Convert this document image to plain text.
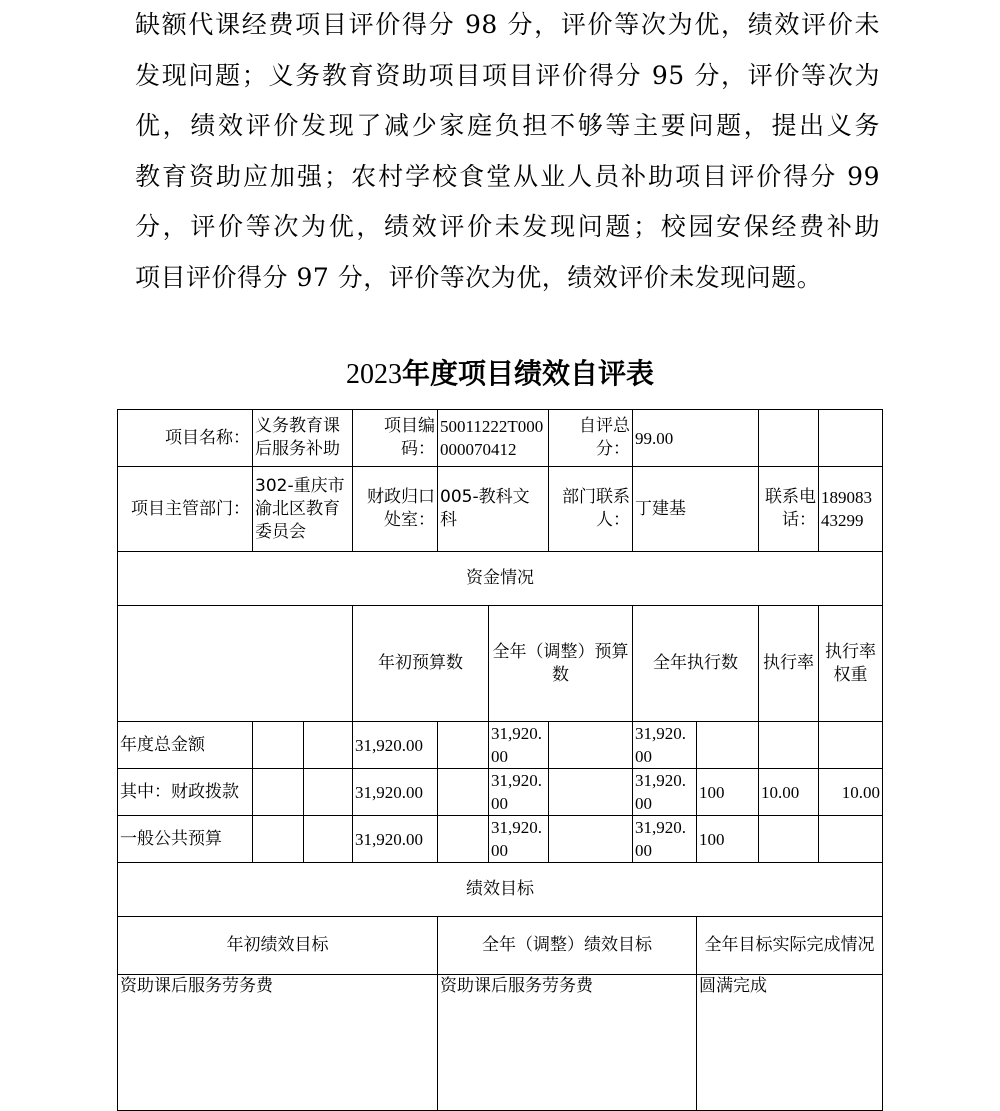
缺额代课经费项目评价得分 98 分，评价等次为优，绩效评价未
发现问题；义务教育资助项目项目评价得分 95 分，评价等次为
优，绩效评价发现了减少家庭负担不够等主要问题，提出义务
教育资助应加强；农村学校食堂从业人员补助项目评价得分 99
分，评价等次为优，绩效评价未发现问题；校园安保经费补助
项目评价得分 97 分，评价等次为优，绩效评价未发现问题。
2023年度项目绩效自评表
项目名称：	义务教育课后服务补助		项目编码：	50011222T000000070412		自评总分：	99.00				
项目主管部门：	302-重庆市渝北区教育委员会		财政归口处室：	005-教科文科		部门联系人：	丁建基		联系电话：	18908343299	
资金情况											
			年初预算数		全年（调整）预算数		全年执行数		执行率	执行率权重	
年度总金额			31,920.00		31,920.00		31,920.00				
其中：财政拨款			31,920.00		31,920.00		31,920.00	100	10.00	10.00	
一般公共预算			31,920.00		31,920.00		31,920.00	100			
绩效目标											
年初绩效目标				全年（调整）绩效目标				全年目标实际完成情况			
资助课后服务劳务费				资助课后服务劳务费				圆满完成			
